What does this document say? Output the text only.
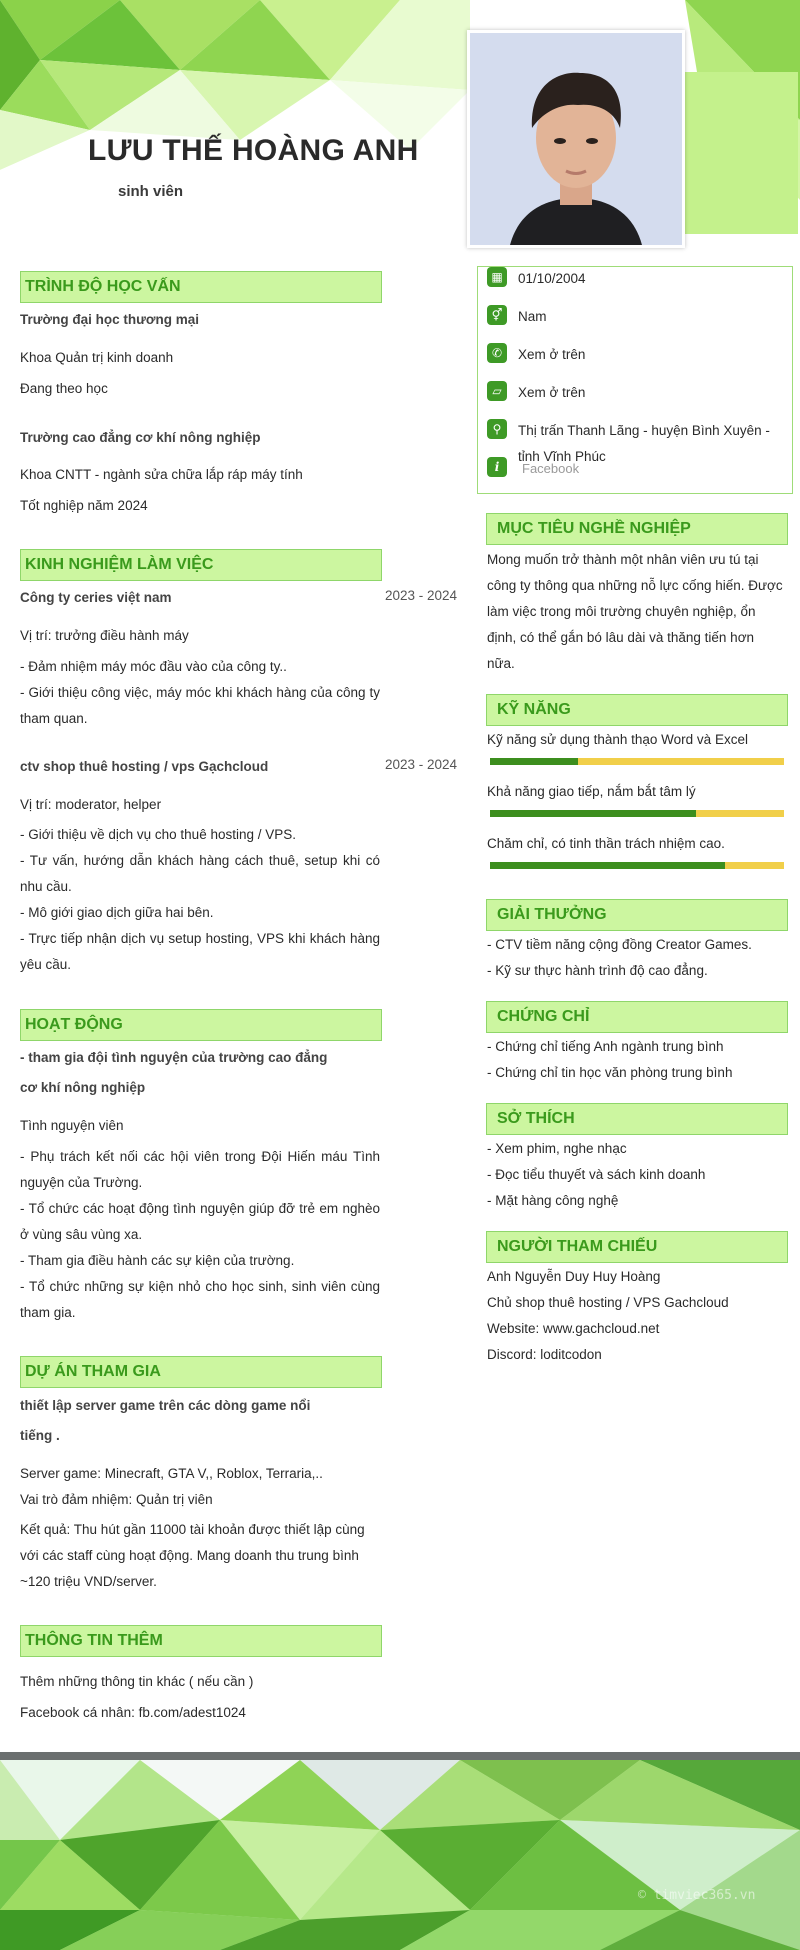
LƯU THẾ HOÀNG ANH
sinh viên
TRÌNH ĐỘ HỌC VẤN
Trường đại học thương mại
Khoa Quản trị kinh doanh
Đang theo học
Trường cao đẳng cơ khí nông nghiệp
Khoa CNTT - ngành sửa chữa lắp ráp máy tính
Tốt nghiệp năm 2024
KINH NGHIỆM LÀM VIỆC
Công ty ceries việt nam	2023 - 2024
Vị trí: trưởng điều hành máy
- Đảm nhiệm máy móc đầu vào của công ty..
- Giới thiệu công việc, máy móc khi khách hàng của công ty tham quan.
ctv shop thuê hosting / vps Gạchcloud	2023 - 2024
Vị trí: moderator, helper
- Giới thiệu về dịch vụ cho thuê hosting / VPS.
- Tư vấn, hướng dẫn khách hàng cách thuê, setup khi có nhu cầu.
- Mô giới giao dịch giữa hai bên.
- Trực tiếp nhận dịch vụ setup hosting, VPS khi khách hàng yêu cầu.
HOẠT ĐỘNG
- tham gia đội tình nguyện của trường cao đẳng
cơ khí nông nghiệp
Tình nguyện viên
- Phụ trách kết nối các hội viên trong Đội Hiến máu Tình nguyện của Trường.
- Tổ chức các hoạt động tình nguyện giúp đỡ trẻ em nghèo ở vùng sâu vùng xa.
- Tham gia điều hành các sự kiện của trường.
- Tổ chức những sự kiện nhỏ cho học sinh, sinh viên cùng tham gia.
DỰ ÁN THAM GIA
thiết lập server game trên các dòng game nổi
tiếng .
Server game: Minecraft, GTA V,, Roblox, Terraria,..
Vai trò đảm nhiệm: Quản trị viên
Kết quả: Thu hút gần 11000 tài khoản được thiết lập cùng với các staff cùng hoạt động. Mang doanh thu trung bình ~120 triệu VND/server.
THÔNG TIN THÊM
Thêm những thông tin khác ( nếu cần )
Facebook cá nhân: fb.com/adest1024
▦	01/10/2004
⚥	Nam
✆	Xem ở trên
▱	Xem ở trên
⚲	Thị trấn Thanh Lãng - huyện Bình Xuyên -
tỉnh Vĩnh Phúc
i	Facebook
MỤC TIÊU NGHỀ NGHIỆP
Mong muốn trở thành một nhân viên ưu tú tại công ty thông qua những nỗ lực cống hiến. Được làm việc trong môi trường chuyên nghiệp, ổn định, có thể gắn bó lâu dài và thăng tiến hơn nữa.
KỸ NĂNG
Kỹ năng sử dụng thành thạo Word và Excel
Khả năng giao tiếp, nắm bắt tâm lý
Chăm chỉ, có tinh thần trách nhiệm cao.
GIẢI THƯỞNG
- CTV tiềm năng cộng đồng Creator Games.
- Kỹ sư thực hành trình độ cao đẳng.
CHỨNG CHỈ
- Chứng chỉ tiếng Anh ngành trung bình
- Chứng chỉ tin học văn phòng trung bình
SỞ THÍCH
- Xem phim, nghe nhạc
- Đọc tiểu thuyết và sách kinh doanh
- Mặt hàng công nghệ
NGƯỜI THAM CHIẾU
Anh Nguyễn Duy Huy Hoàng
Chủ shop thuê hosting / VPS Gachcloud
Website: www.gachcloud.net
Discord: loditcodon
© timviec365.vn
